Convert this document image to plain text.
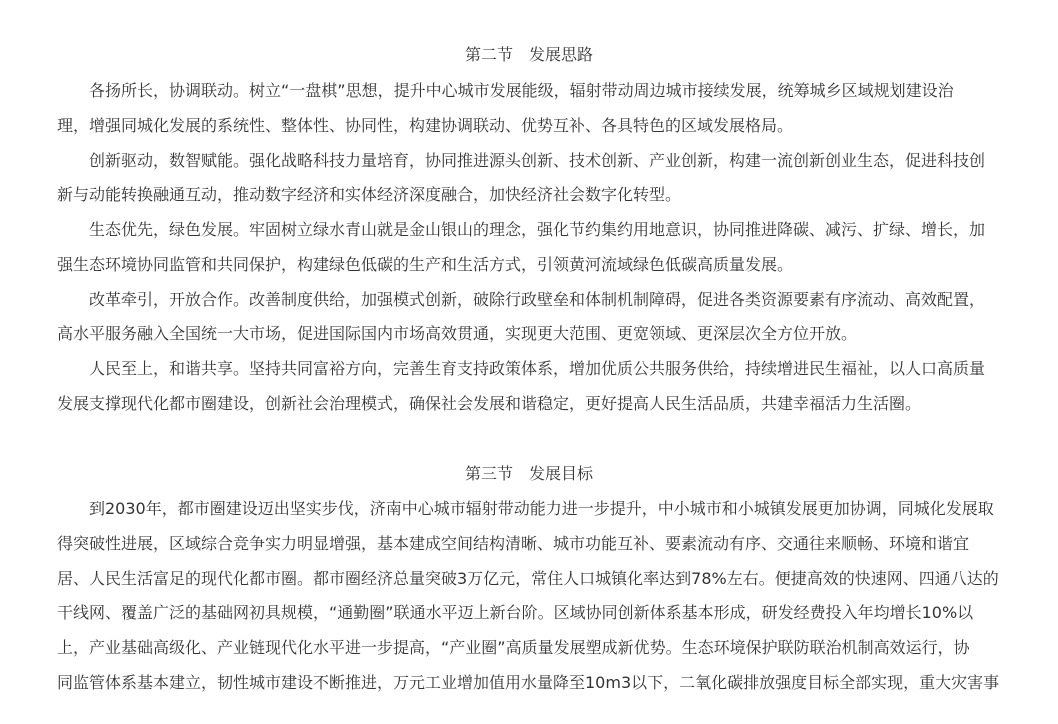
第二节　发展思路
各扬所长，协调联动。树立“一盘棋”思想，提升中心城市发展能级，辐射带动周边城市接续发展，统筹城乡区域规划建设治
理，增强同城化发展的系统性、整体性、协同性，构建协调联动、优势互补、各具特色的区域发展格局。
创新驱动，数智赋能。强化战略科技力量培育，协同推进源头创新、技术创新、产业创新，构建一流创新创业生态，促进科技创
新与动能转换融通互动，推动数字经济和实体经济深度融合，加快经济社会数字化转型。
生态优先，绿色发展。牢固树立绿水青山就是金山银山的理念，强化节约集约用地意识，协同推进降碳、减污、扩绿、增长，加
强生态环境协同监管和共同保护，构建绿色低碳的生产和生活方式，引领黄河流域绿色低碳高质量发展。
改革牵引，开放合作。改善制度供给，加强模式创新，破除行政壁垒和体制机制障碍，促进各类资源要素有序流动、高效配置，
高水平服务融入全国统一大市场，促进国际国内市场高效贯通，实现更大范围、更宽领域、更深层次全方位开放。
人民至上，和谐共享。坚持共同富裕方向，完善生育支持政策体系，增加优质公共服务供给，持续增进民生福祉，以人口高质量
发展支撑现代化都市圈建设，创新社会治理模式，确保社会发展和谐稳定，更好提高人民生活品质，共建幸福活力生活圈。
第三节　发展目标
到2030年，都市圈建设迈出坚实步伐，济南中心城市辐射带动能力进一步提升，中小城市和小城镇发展更加协调，同城化发展取
得突破性进展，区域综合竞争实力明显增强，基本建成空间结构清晰、城市功能互补、要素流动有序、交通往来顺畅、环境和谐宜
居、人民生活富足的现代化都市圈。都市圈经济总量突破3万亿元，常住人口城镇化率达到78%左右。便捷高效的快速网、四通八达的
干线网、覆盖广泛的基础网初具规模，“通勤圈”联通水平迈上新台阶。区域协同创新体系基本形成，研发经费投入年均增长10%以
上，产业基础高级化、产业链现代化水平进一步提高，“产业圈”高质量发展塑成新优势。生态环境保护联防联治机制高效运行，协
同监管体系基本建立，韧性城市建设不断推进，万元工业增加值用水量降至10m3以下，二氧化碳排放强度目标全部实现，重大灾害事
